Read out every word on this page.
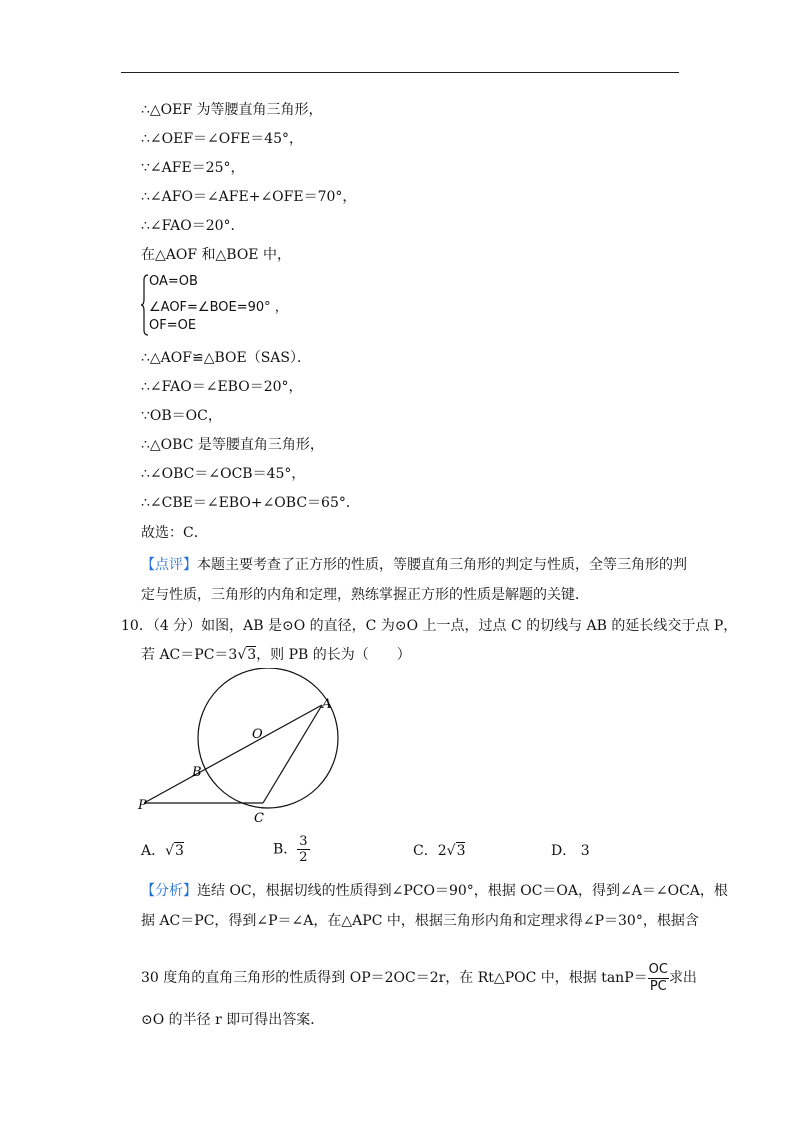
∴△OEF 为等腰直角三角形，
∴∠OEF＝∠OFE＝45°，
∵∠AFE＝25°，
∴∠AFO＝∠AFE+∠OFE＝70°，
∴∠FAO＝20°．
在△AOF 和△BOE 中，
OA=OB
∠AOF=∠BOE=90° ，
OF=OE
∴△AOF≌△BOE（SAS）．
∴∠FAO＝∠EBO＝20°，
∵OB＝OC，
∴△OBC 是等腰直角三角形，
∴∠OBC＝∠OCB＝45°，
∴∠CBE＝∠EBO+∠OBC＝65°．
故选：C．
【点评】本题主要考查了正方形的性质，等腰直角三角形的判定与性质，全等三角形的判
定与性质，三角形的内角和定理，熟练掌握正方形的性质是解题的关键．
10．（4 分）如图，AB 是⊙O 的直径，C 为⊙O 上一点，过点 C 的切线与 AB 的延长线交于点 P，
若 AC＝PC＝3√3，则 PB 的长为（　　）
A
O
B
P
C
A．√3	B． $\frac{3}{2}$	C．2√3	D． 3
【分析】连结 OC，根据切线的性质得到∠PCO＝90°，根据 OC＝OA，得到∠A＝∠OCA，根
据 AC＝PC，得到∠P＝∠A，在△APC 中，根据三角形内角和定理求得∠P＝30°，根据含
30 度角的直角三角形的性质得到 OP＝2OC＝2r，在 Rt△POC 中，根据 $\tan P= \frac{OC}{PC}$ 求出
⊙O 的半径 r 即可得出答案．
